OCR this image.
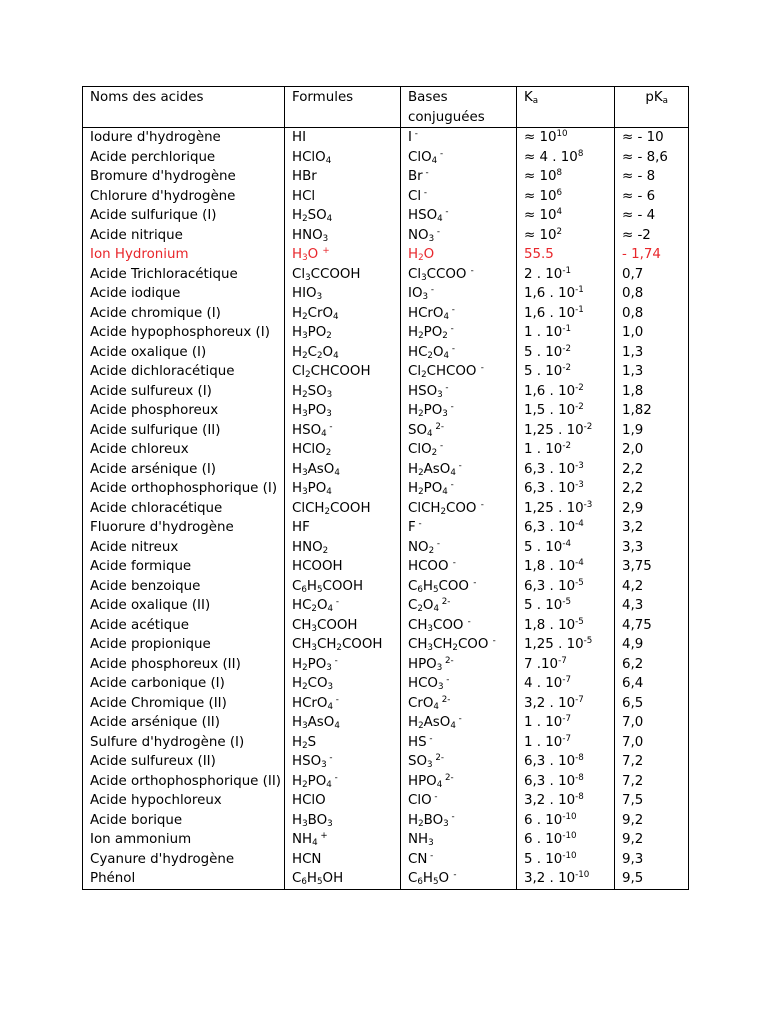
Noms des acides	Formules	Bases conjuguées	$K_a$	$pK_a$
Iodure d'hydrogène	HI	I -	≈ $10^{10}$	≈ - 10
Acide perchlorique	HClO$_4$	ClO$_4$ -	≈ 4 . $10^8$	≈ - 8,6
Bromure d'hydrogène	HBr	Br -	≈ $10^8$	≈ - 8
Chlorure d'hydrogène	HCl	Cl -	≈ $10^6$	≈ - 6
Acide sulfurique (I)	$H_2SO_4$	$HSO_4$ -	≈ $10^4$	≈ - 4
Acide nitrique	$HNO_3$	$NO_3$ -	≈ $10^2$	≈ -2
Ion Hydronium	$H_3O$ +	$H_2O$	55.5	- 1,74
Acide Trichloracétique	$Cl_3CCOOH$	$Cl_3CCOO$ -	2 . $10^{-1}$	0,7
Acide iodique	$HIO_3$	$IO_3$ -	1,6 . $10^{-1}$	0,8
Acide chromique (I)	$H_2CrO_4$	HCrO$_4$ -	1,6 . $10^{-1}$	0,8
Acide hypophosphoreux (I)	$H_3PO_2$	$H_2PO_2$ -	1 . $10^{-1}$	1,0
Acide oxalique (I)	$H_2C_2O_4$	$HC_2O_4$ -	5 . $10^{-2}$	1,3
Acide dichloracétique	$Cl_2CHCOOH$	$Cl_2CHCOO$ -	5 . $10^{-2}$	1,3
Acide sulfureux (I)	$H_2SO_3$	$HSO_3$ -	1,6 . $10^{-2}$	1,8
Acide phosphoreux	$H_3PO_3$	$H_2PO_3$ -	1,5 . $10^{-2}$	1,82
Acide sulfurique (II)	$HSO_4$ -	$SO_4$ $^{2-}$	1,25 . $10^{-2}$	1,9
Acide chloreux	HClO$_2$	ClO$_2$ -	1 . $10^{-2}$	2,0
Acide arsénique (I)	$H_3AsO_4$	$H_2AsO_4$ -	6,3 . $10^{-3}$	2,2
Acide orthophosphorique (I)	$H_3PO_4$	$H_2PO_4$ -	6,3 . $10^{-3}$	2,2
Acide chloracétique	ClCH$_2$COOH	ClCH$_2$COO -	1,25 . $10^{-3}$	2,9
Fluorure d'hydrogène	HF	F -	6,3 . $10^{-4}$	3,2
Acide nitreux	$HNO_2$	$NO_2$ -	5 . $10^{-4}$	3,3
Acide formique	HCOOH	HCOO -	1,8 . $10^{-4}$	3,75
Acide benzoique	$C_6H_5COOH$	$C_6H_5COO$ -	6,3 . $10^{-5}$	4,2
Acide oxalique (II)	$HC_2O_4$ -	$C_2O_4$ $^{2-}$	5 . $10^{-5}$	4,3
Acide acétique	$CH_3COOH$	$CH_3COO$ -	1,8 . $10^{-5}$	4,75
Acide propionique	$CH_3CH_2COOH$	$CH_3CH_2COO$ -	1,25 . $10^{-5}$	4,9
Acide phosphoreux (II)	$H_2PO_3$ -	$HPO_3$ $^{2-}$	7 $.10^{-7}$	6,2
Acide carbonique (I)	$H_2CO_3$	$HCO_3$ -	4 . $10^{-7}$	6,4
Acide Chromique (II)	HCrO$_4$ -	CrO$_4$ $^{2-}$	3,2 . $10^{-7}$	6,5
Acide arsénique (II)	$H_3AsO_4$	$H_2AsO_4$ -	1 . $10^{-7}$	7,0
Sulfure d'hydrogène (I)	$H_2S$	HS -	1 . $10^{-7}$	7,0
Acide sulfureux (II)	$HSO_3$ -	$SO_3$ $^{2-}$	6,3 . $10^{-8}$	7,2
Acide orthophosphorique (II)	$H_2PO_4$ -	$HPO_4$ $^{2-}$	6,3 . $10^{-8}$	7,2
Acide hypochloreux	HClO	ClO -	3,2 . $10^{-8}$	7,5
Acide borique	$H_3BO_3$	$H_2BO_3$ -	6 . $10^{-10}$	9,2
Ion ammonium	$NH_4$ +	$NH_3$	6 . $10^{-10}$	9,2
Cyanure d'hydrogène	HCN	CN -	5 . $10^{-10}$	9,3
Phénol	$C_6H_5OH$	$C_6H_5O$ -	3,2 . $10^{-10}$	9,5
